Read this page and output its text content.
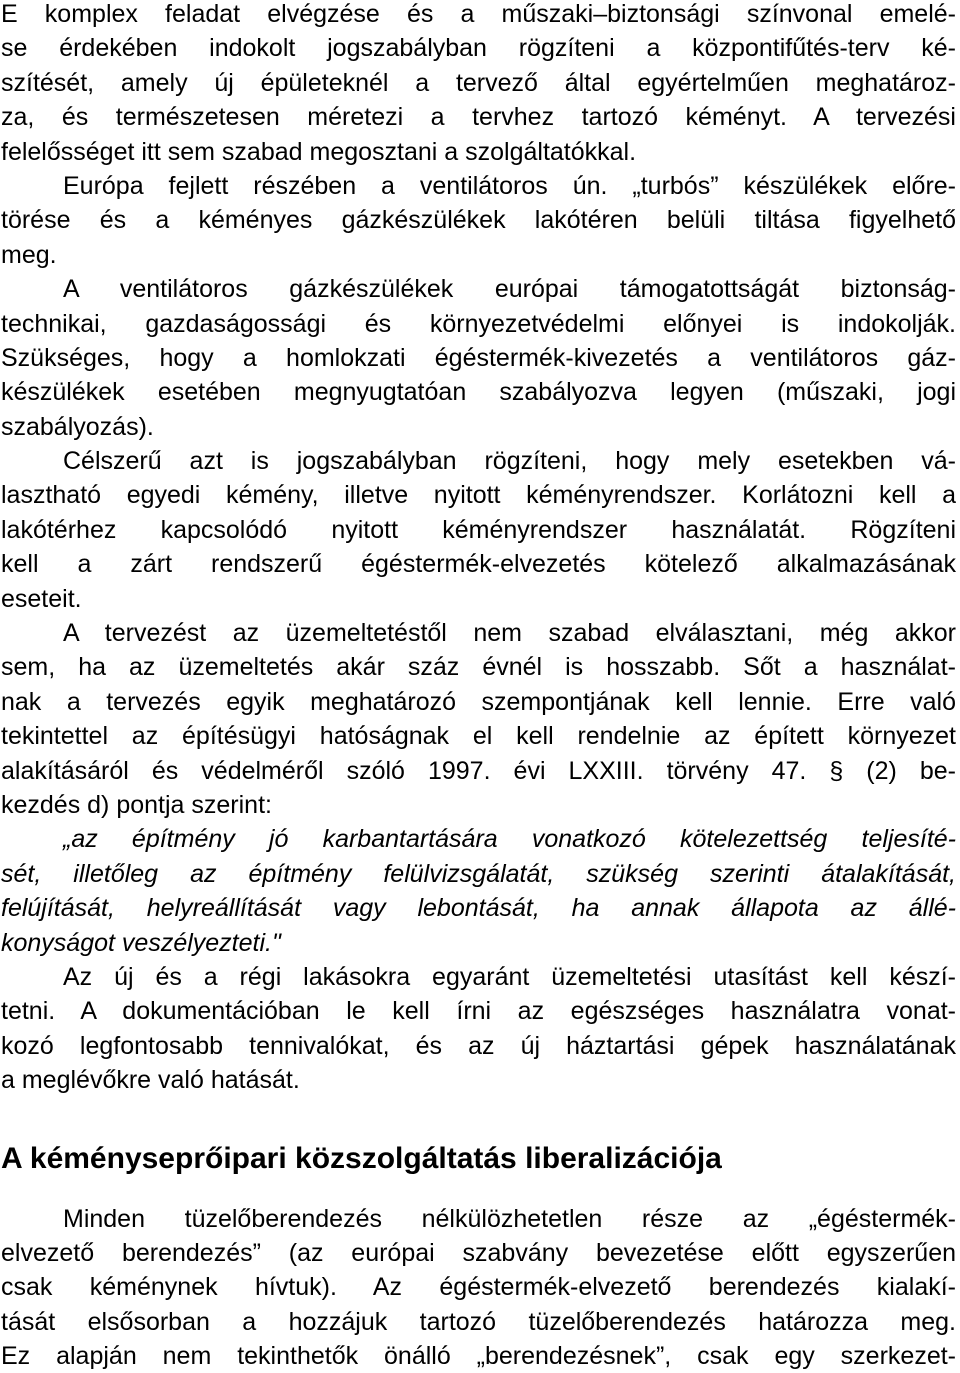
E komplex feladat elvégzése és a műszaki–biztonsági színvonal emelé-

se érdekében indokolt jogszabályban rögzíteni a központifűtés-terv ké-

szítését, amely új épületeknél a tervező által egyértelműen meghatároz-

za, és természetesen méretezi a tervhez tartozó kéményt. A tervezési

felelősséget itt sem szabad megosztani a szolgáltatókkal.

Európa fejlett részében a ventilátoros ún. „turbós” készülékek előre-

törése és a kéményes gázkészülékek lakótéren belüli tiltása figyelhető

meg.

A ventilátoros gázkészülékek európai támogatottságát biztonság-

technikai, gazdaságossági és környezetvédelmi előnyei is indokolják.

Szükséges, hogy a homlokzati égéstermék-kivezetés a ventilátoros gáz-

készülékek esetében megnyugtatóan szabályozva legyen (műszaki, jogi

szabályozás).

Célszerű azt is jogszabályban rögzíteni, hogy mely esetekben vá-

lasztható egyedi kémény, illetve nyitott kéményrendszer. Korlátozni kell a

lakótérhez kapcsolódó nyitott kéményrendszer használatát. Rögzíteni

kell a zárt rendszerű égéstermék-elvezetés kötelező alkalmazásának

eseteit.

A tervezést az üzemeltetéstől nem szabad elválasztani, még akkor

sem, ha az üzemeltetés akár száz évnél is hosszabb. Sőt a használat-

nak a tervezés egyik meghatározó szempontjának kell lennie. Erre való

tekintettel az építésügyi hatóságnak el kell rendelnie az épített környezet

alakításáról és védelméről szóló 1997. évi LXXIII. törvény 47. § (2) be-

kezdés d) pontja szerint:

„az építmény jó karbantartására vonatkozó kötelezettség teljesíté-

sét, illetőleg az építmény felülvizsgálatát, szükség szerinti átalakítását,

felújítását, helyreállítását vagy lebontását, ha annak állapota az állé-

konyságot veszélyezteti."

Az új és a régi lakásokra egyaránt üzemeltetési utasítást kell készí-

tetni. A dokumentációban le kell írni az egészséges használatra vonat-

kozó legfontosabb tennivalókat, és az új háztartási gépek használatának

a meglévőkre való hatását.

A kéményseprőipari közszolgáltatás liberalizációja

Minden tüzelőberendezés nélkülözhetetlen része az „égéstermék-

elvezető berendezés” (az európai szabvány bevezetése előtt egyszerűen

csak kéménynek hívtuk). Az égéstermék-elvezető berendezés kialakí-

tását elsősorban a hozzájuk tartozó tüzelőberendezés határozza meg.

Ez alapján nem tekinthetők önálló „berendezésnek”, csak egy szerkezet-
